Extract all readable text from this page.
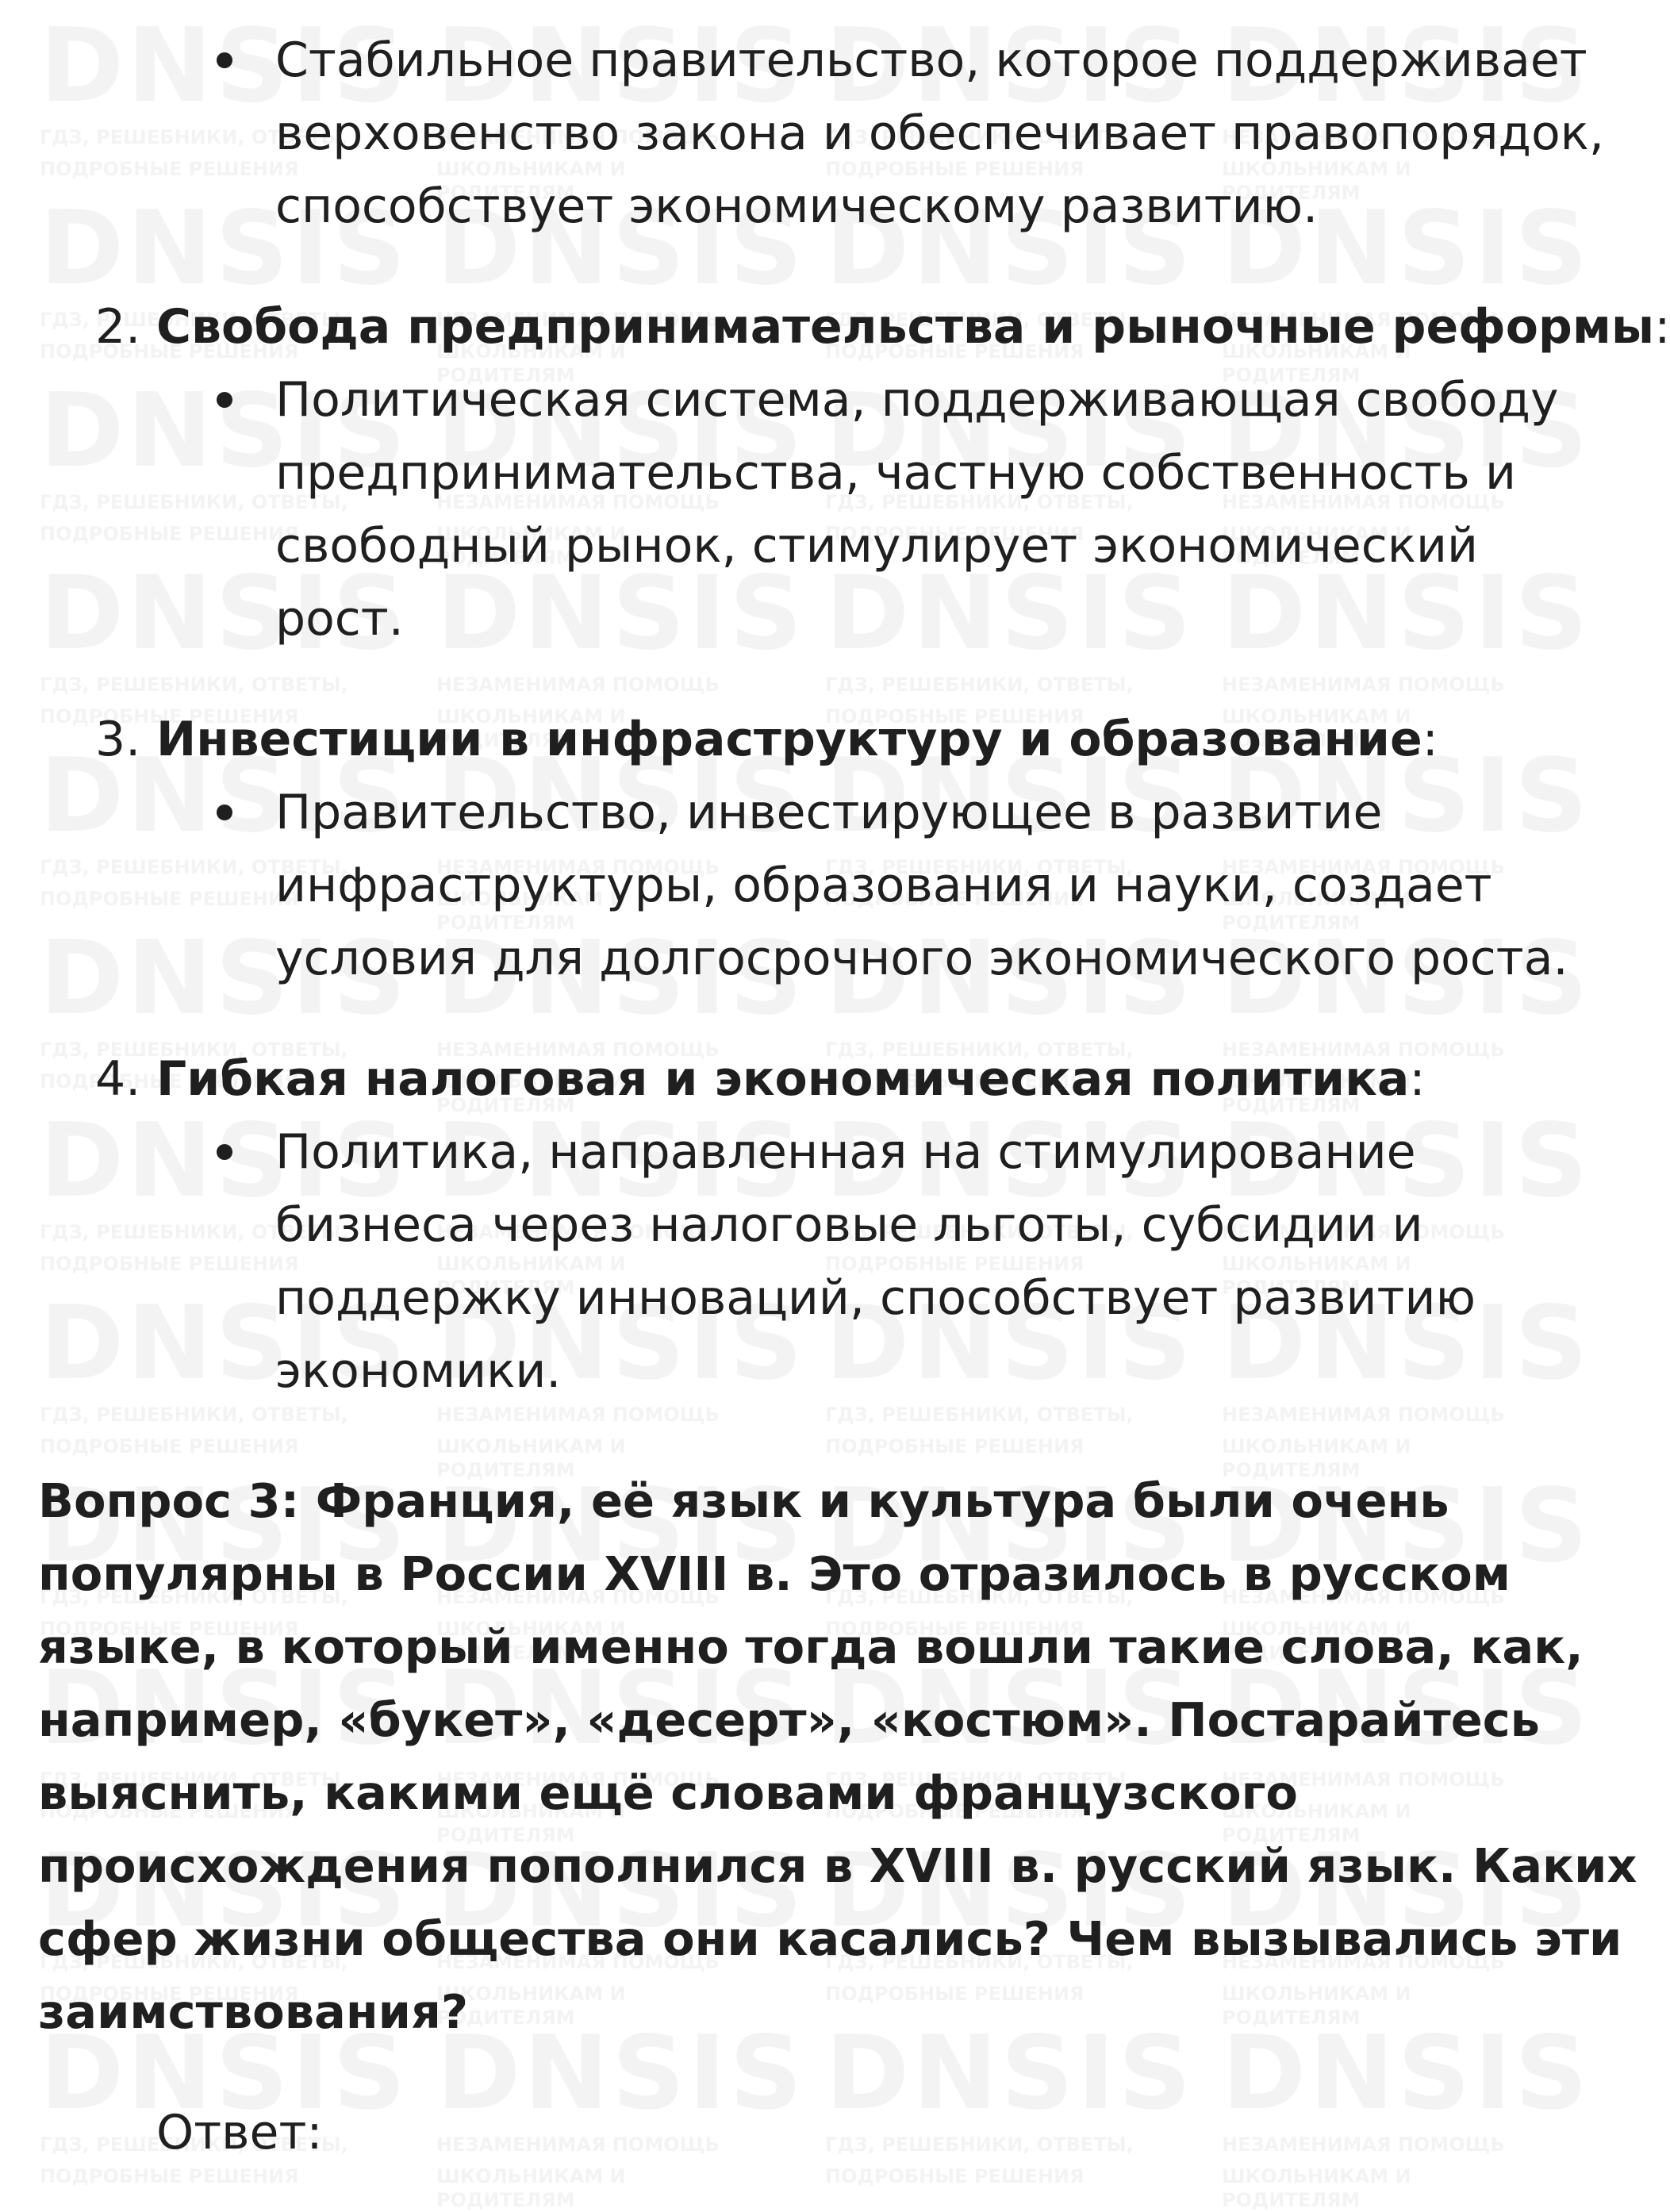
Стабильное правительство, которое поддерживает
верховенство закона и обеспечивает правопорядок,
способствует экономическому развитию.
2. Свобода предпринимательства и рыночные реформы:
Политическая система, поддерживающая свободу
предпринимательства, частную собственность и
свободный рынок, стимулирует экономический
рост.
3. Инвестиции в инфраструктуру и образование:
Правительство, инвестирующее в развитие
инфраструктуры, образования и науки, создает
условия для долгосрочного экономического роста.
4. Гибкая налоговая и экономическая политика:
Политика, направленная на стимулирование
бизнеса через налоговые льготы, субсидии и
поддержку инноваций, способствует развитию
экономики.
Вопрос 3: Франция, её язык и культура были очень
популярны в России XVIII в. Это отразилось в русском
языке, в который именно тогда вошли такие слова, как,
например, «букет», «десерт», «костюм». Постарайтесь
выяснить, какими ещё словами французского
происхождения пополнился в XVIII в. русский язык. Каких
сфер жизни общества они касались? Чем вызывались эти
заимствования?
Ответ:
